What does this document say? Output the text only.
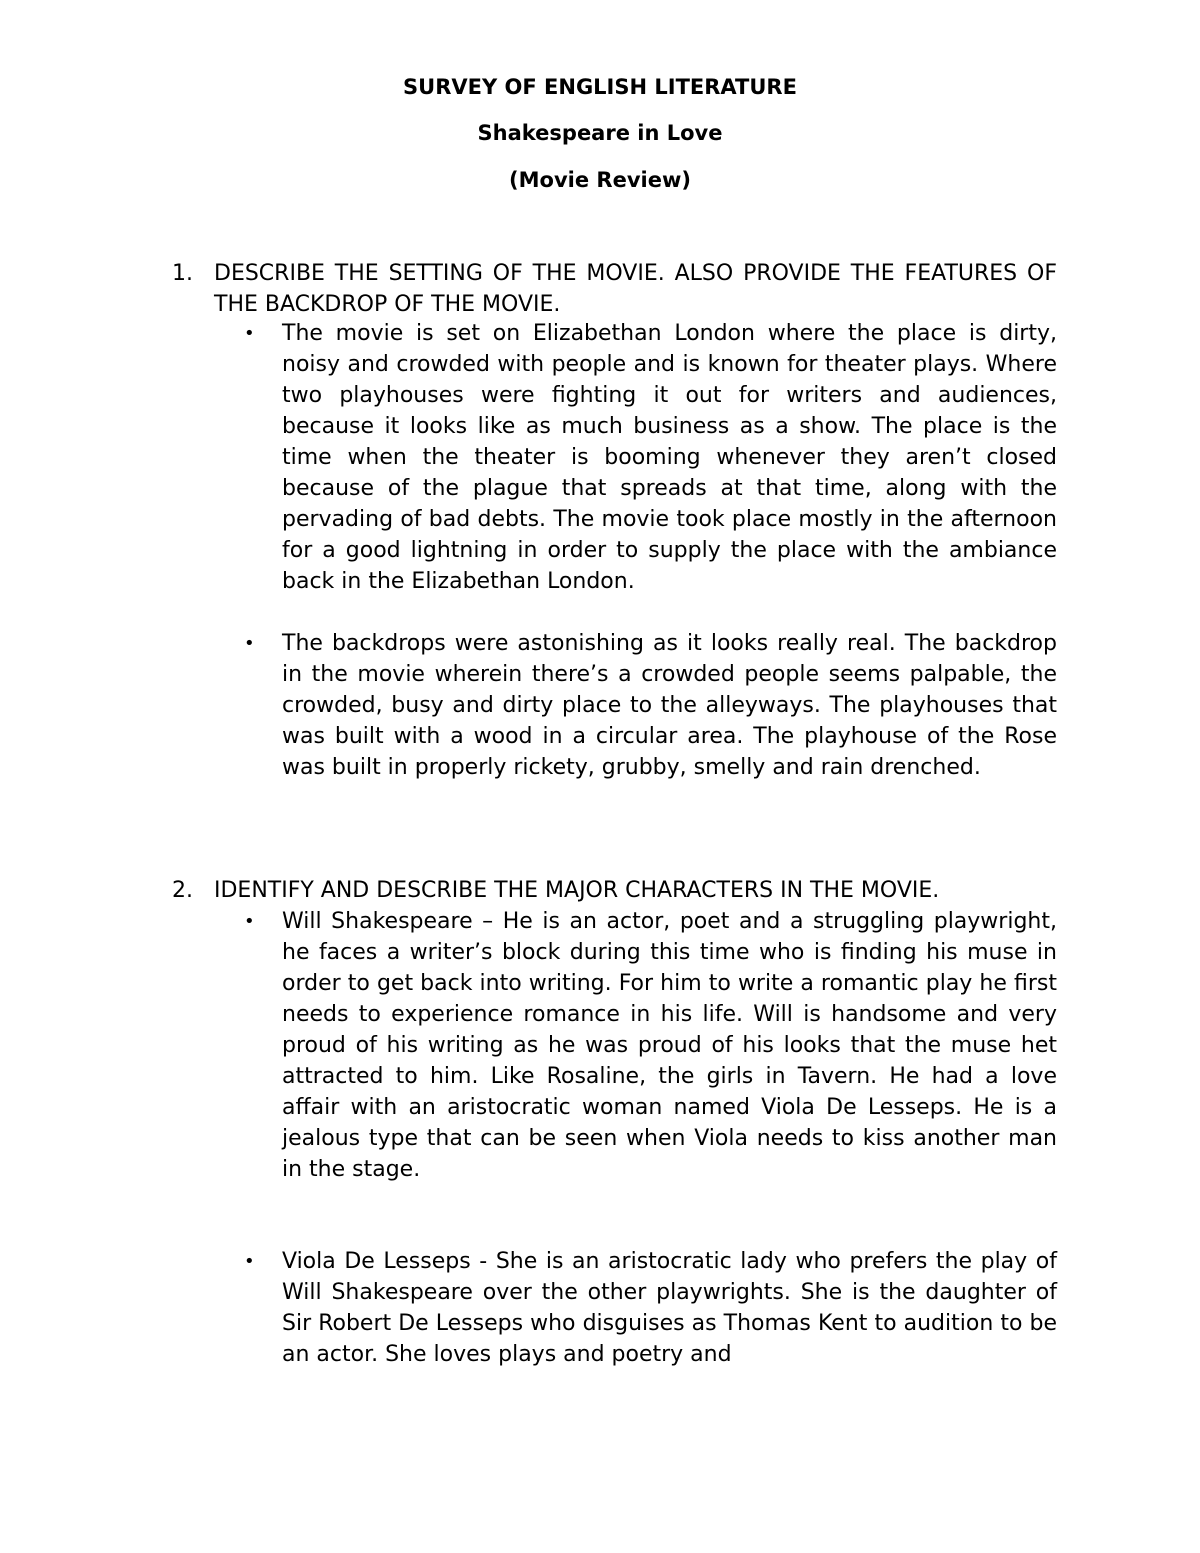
SURVEY OF ENGLISH LITERATURE
Shakespeare in Love
(Movie Review)
1. DESCRIBE THE SETTING OF THE MOVIE. ALSO PROVIDE THE FEATURES OF THE BACKDROP OF THE MOVIE.
• The movie is set on Elizabethan London where the place is dirty, noisy and crowded with people and is known for theater plays. Where two playhouses were fighting it out for writers and audiences, because it looks like as much business as a show. The place is the time when the theater is booming whenever they aren’t closed because of the plague that spreads at that time, along with the pervading of bad debts. The movie took place mostly in the afternoon for a good lightning in order to supply the place with the ambiance back in the Elizabethan London.
• The backdrops were astonishing as it looks really real. The backdrop in the movie wherein there’s a crowded people seems palpable, the crowded, busy and dirty place to the alleyways. The playhouses that was built with a wood in a circular area. The playhouse of the Rose was built in properly rickety, grubby, smelly and rain drenched.
2. IDENTIFY AND DESCRIBE THE MAJOR CHARACTERS IN THE MOVIE.
• Will Shakespeare – He is an actor, poet and a struggling playwright, he faces a writer’s block during this time who is finding his muse in order to get back into writing. For him to write a romantic play he first needs to experience romance in his life. Will is handsome and very proud of his writing as he was proud of his looks that the muse het attracted to him. Like Rosaline, the girls in Tavern. He had a love affair with an aristocratic woman named Viola De Lesseps. He is a jealous type that can be seen when Viola needs to kiss another man in the stage.
• Viola De Lesseps - She is an aristocratic lady who prefers the play of Will Shakespeare over the other playwrights. She is the daughter of Sir Robert De Lesseps who disguises as Thomas Kent to audition to be an actor. She loves plays and poetry and
